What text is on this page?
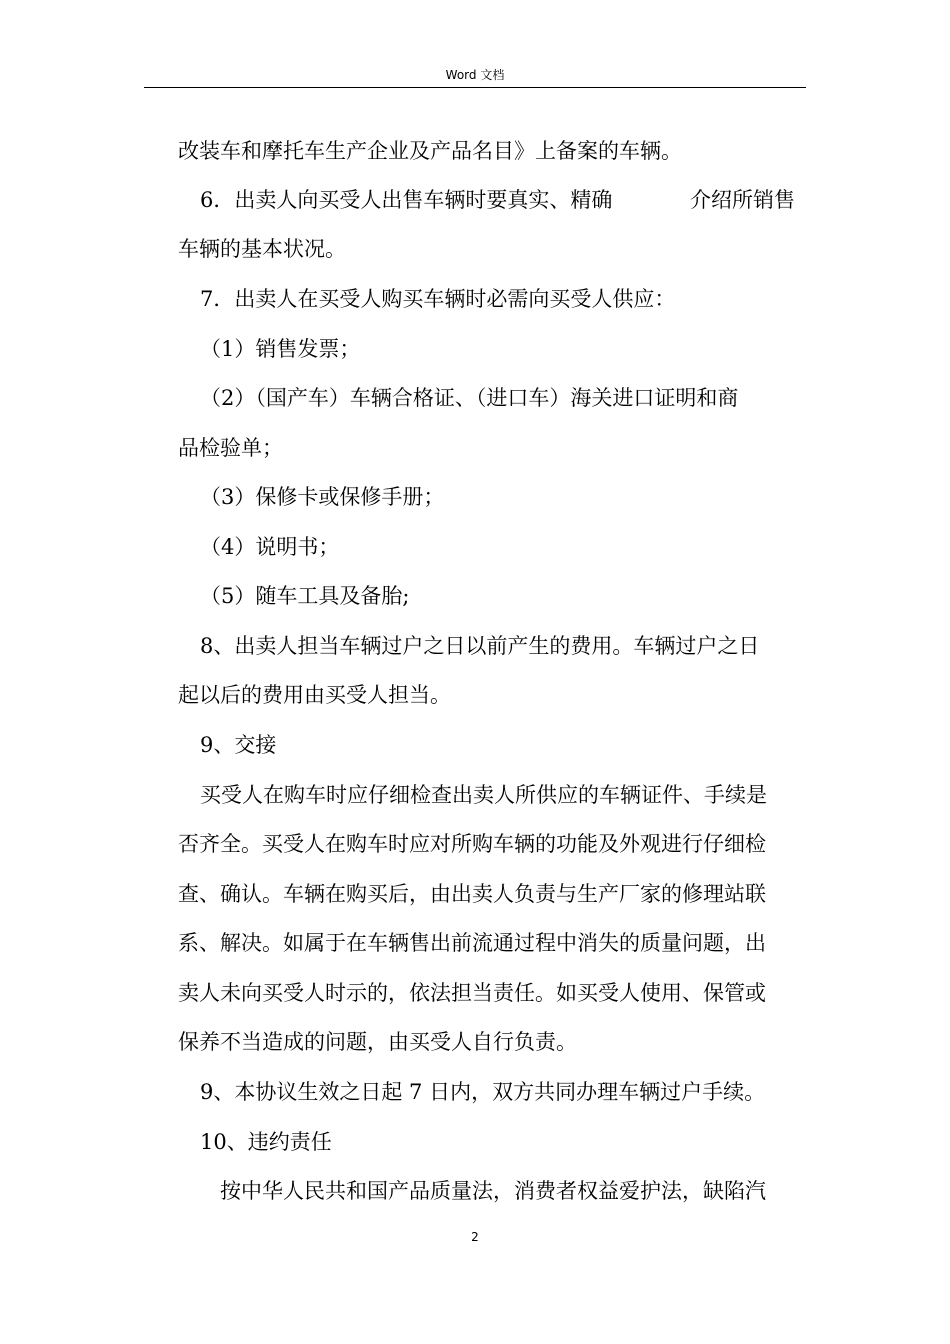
Word 文档
改装车和摩托车生产企业及产品名目》上备案的车辆。
6．出卖人向买受人出售车辆时要真实、精确	介绍所销售
车辆的基本状况。
7．出卖人在买受人购买车辆时必需向买受人供应：
（1）销售发票；
（2）（国产车）车辆合格证、（进口车）海关进口证明和商
品检验单；
（3）保修卡或保修手册；
（4）说明书；
（5）随车工具及备胎;
8、出卖人担当车辆过户之日以前产生的费用。车辆过户之日
起以后的费用由买受人担当。
9、交接
买受人在购车时应仔细检查出卖人所供应的车辆证件、手续是
否齐全。买受人在购车时应对所购车辆的功能及外观进行仔细检
查、确认。车辆在购买后，由出卖人负责与生产厂家的修理站联
系、解决。如属于在车辆售出前流通过程中消失的质量问题，出
卖人未向买受人时示的，依法担当责任。如买受人使用、保管或
保养不当造成的问题，由买受人自行负责。
9、本协议生效之日起 7 日内，双方共同办理车辆过户手续。
10、违约责任
按中华人民共和国产品质量法，消费者权益爱护法，缺陷汽
2
